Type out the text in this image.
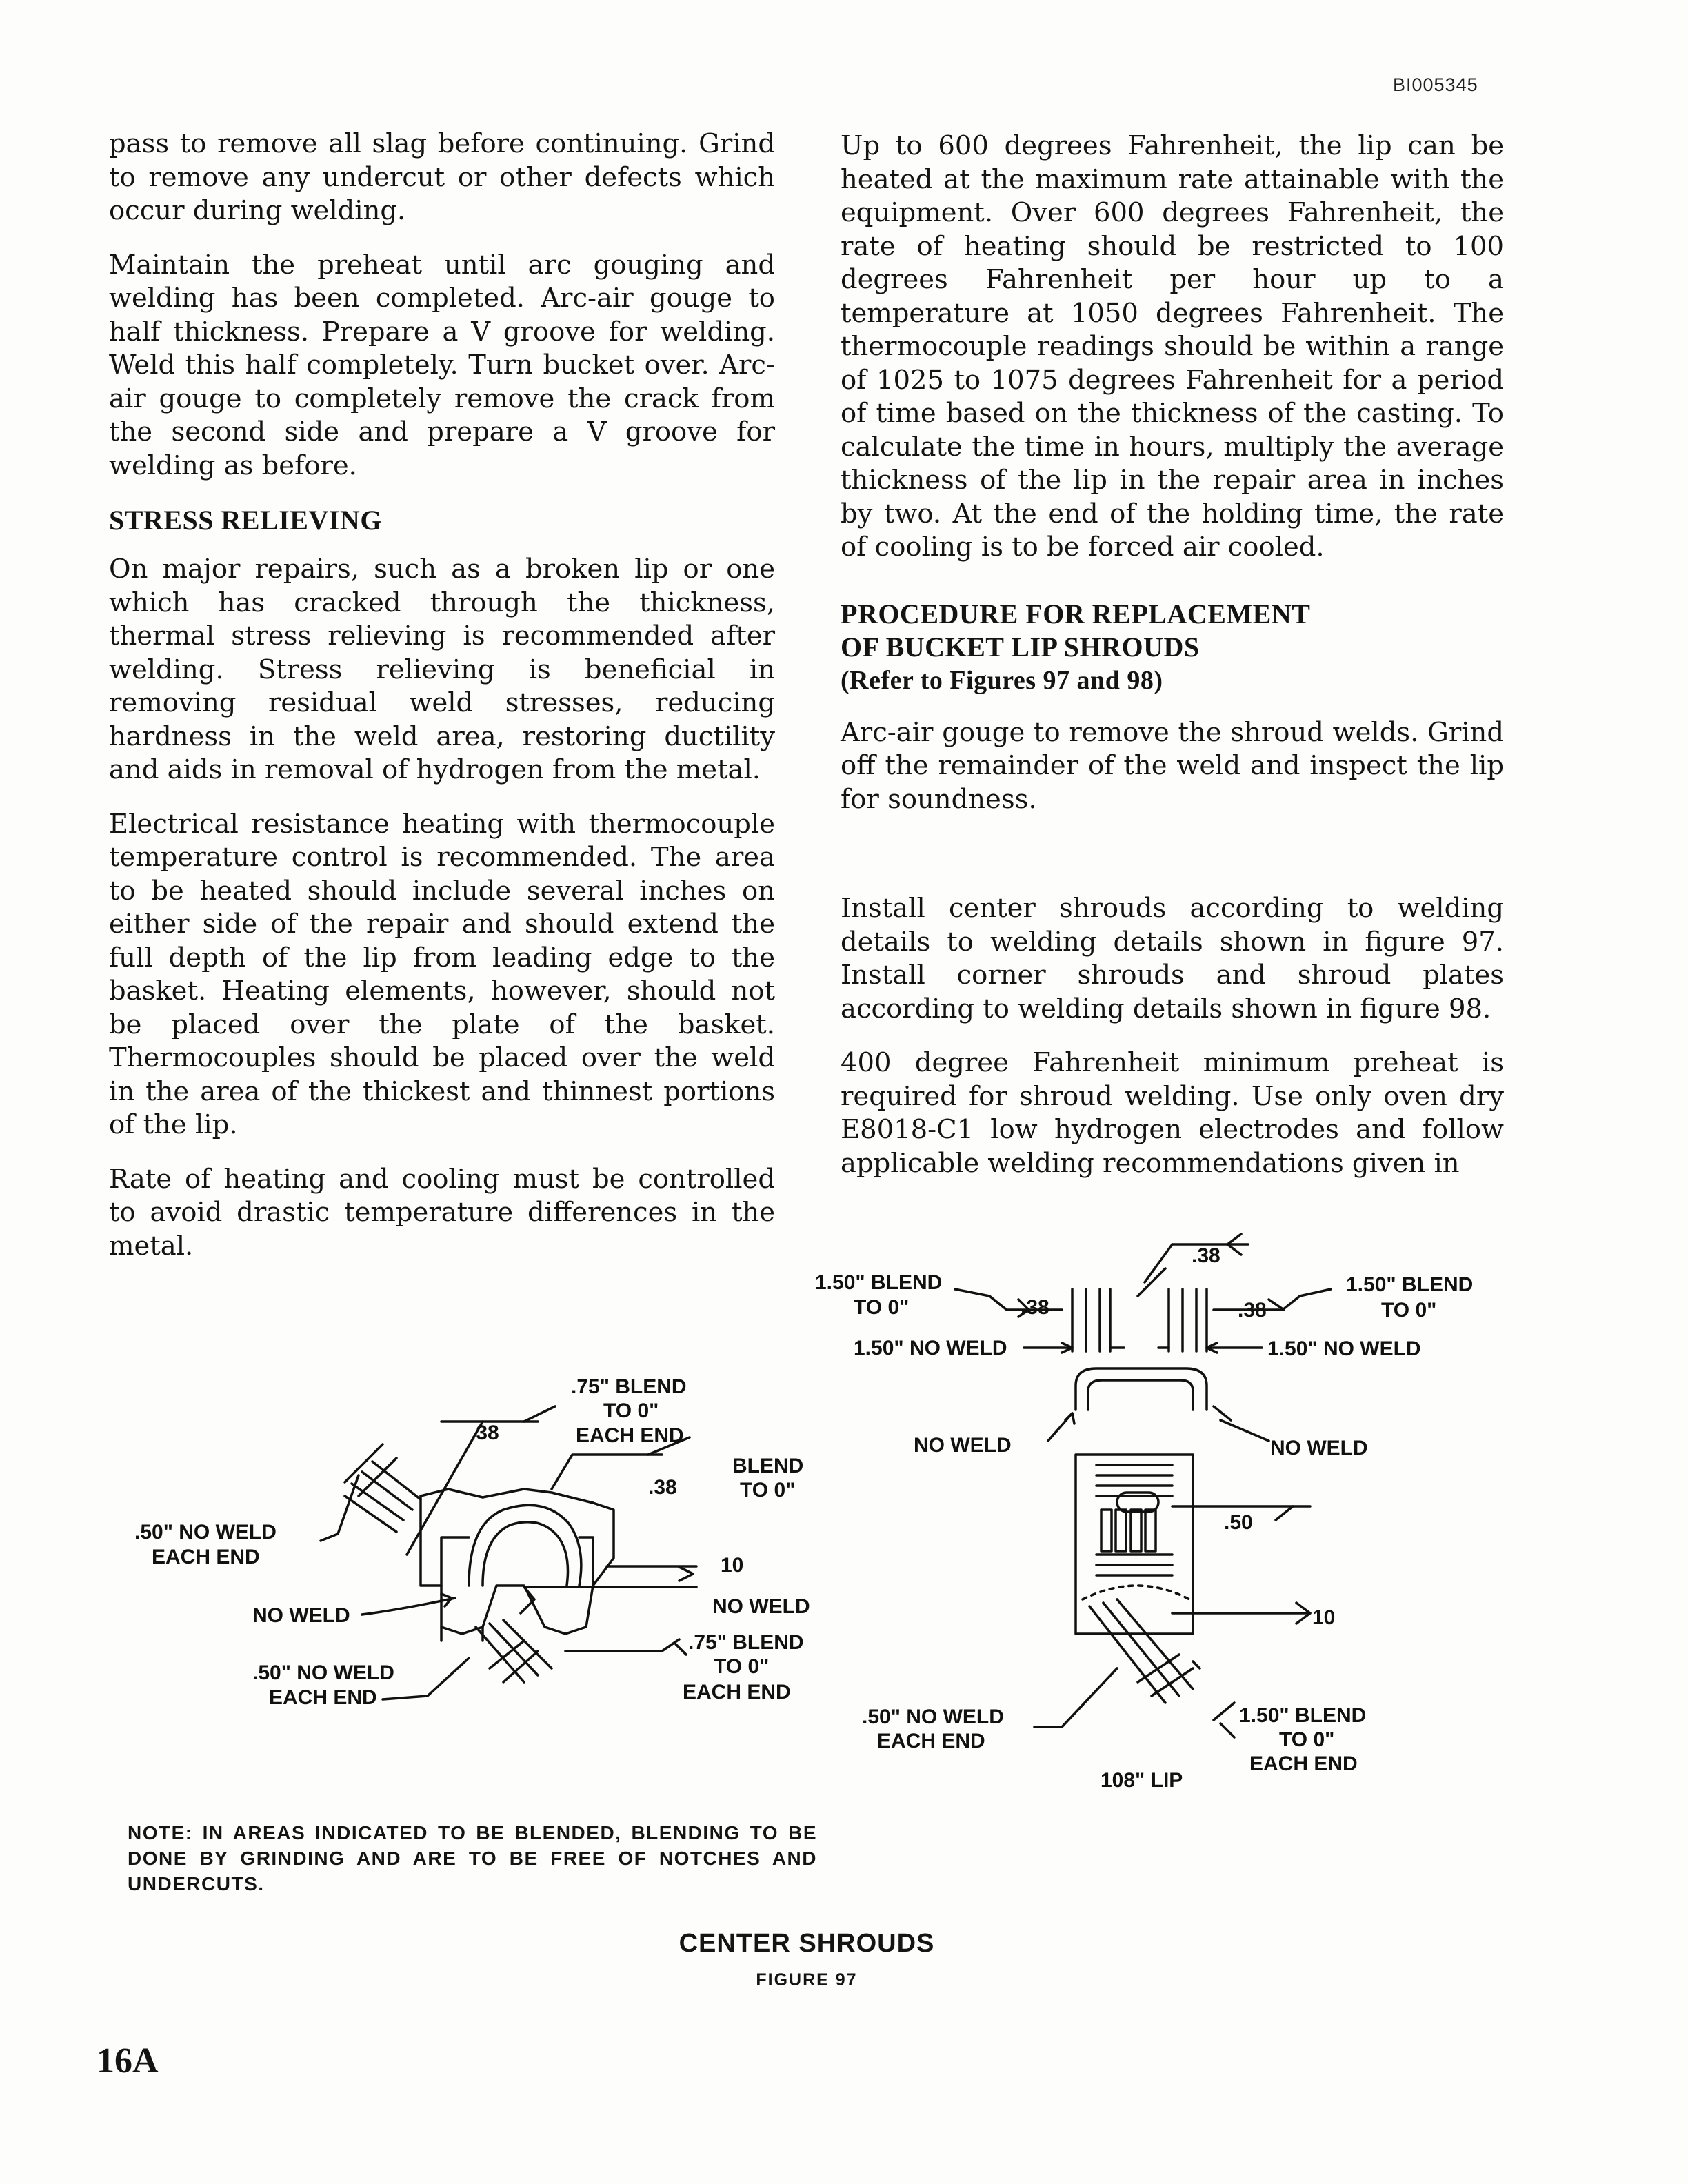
BI005345

pass to remove all slag before continuing. Grind to remove any undercut or other defects which occur during welding.

Maintain the preheat until arc gouging and welding has been completed. Arc-air gouge to half thickness. Prepare a V groove for welding. Weld this half completely. Turn bucket over. Arc-air gouge to completely remove the crack from the second side and prepare a V groove for welding as before.

STRESS RELIEVING

On major repairs, such as a broken lip or one which has cracked through the thickness, thermal stress relieving is recommended after welding. Stress relieving is beneficial in removing residual weld stresses, reducing hardness in the weld area, restoring ductility and aids in removal of hydrogen from the metal.

Electrical resistance heating with thermocouple temperature control is recommended. The area to be heated should include several inches on either side of the repair and should extend the full depth of the lip from leading edge to the basket. Heating elements, however, should not be placed over the plate of the basket. Thermocouples should be placed over the weld in the area of the thickest and thinnest portions of the lip.

Rate of heating and cooling must be controlled to avoid drastic temperature differences in the metal.

Up to 600 degrees Fahrenheit, the lip can be heated at the maximum rate attainable with the equipment. Over 600 degrees Fahrenheit, the rate of heating should be restricted to 100 degrees Fahrenheit per hour up to a temperature at 1050 degrees Fahrenheit. The thermocouple readings should be within a range of 1025 to 1075 degrees Fahrenheit for a period of time based on the thickness of the casting. To calculate the time in hours, multiply the average thickness of the lip in the repair area in inches by two. At the end of the holding time, the rate of cooling is to be forced air cooled.

PROCEDURE FOR REPLACEMENT
OF BUCKET LIP SHROUDS

(Refer to Figures 97 and 98)

Arc-air gouge to remove the shroud welds. Grind off the remainder of the weld and inspect the lip for soundness.

Install center shrouds according to welding details to welding details shown in figure 97. Install corner shrouds and shroud plates according to welding details shown in figure 98.

400 degree Fahrenheit minimum preheat is required for shroud welding. Use only oven dry E8018-C1 low hydrogen electrodes and follow applicable welding recommendations given in

.75" BLEND
TO 0"
EACH END
.38
BLEND
TO 0"
.38
.50" NO WELD
EACH END	10
NO WELD	NO WELD
.75" BLEND
TO 0"
EACH END
.50" NO WELD
EACH END
.38
1.50" BLEND
TO 0"	.38	.38
1.50" BLEND
TO 0"
1.50" NO WELD	1.50" NO WELD
NO WELD	NO WELD
.50
10
.50" NO WELD
EACH END
1.50" BLEND
TO 0"
EACH END
108" LIP
NOTE: IN AREAS INDICATED TO BE BLENDED, BLENDING TO BE DONE BY GRINDING AND ARE TO BE FREE OF NOTCHES AND UNDERCUTS.
CENTER SHROUDS
FIGURE 97
16A
